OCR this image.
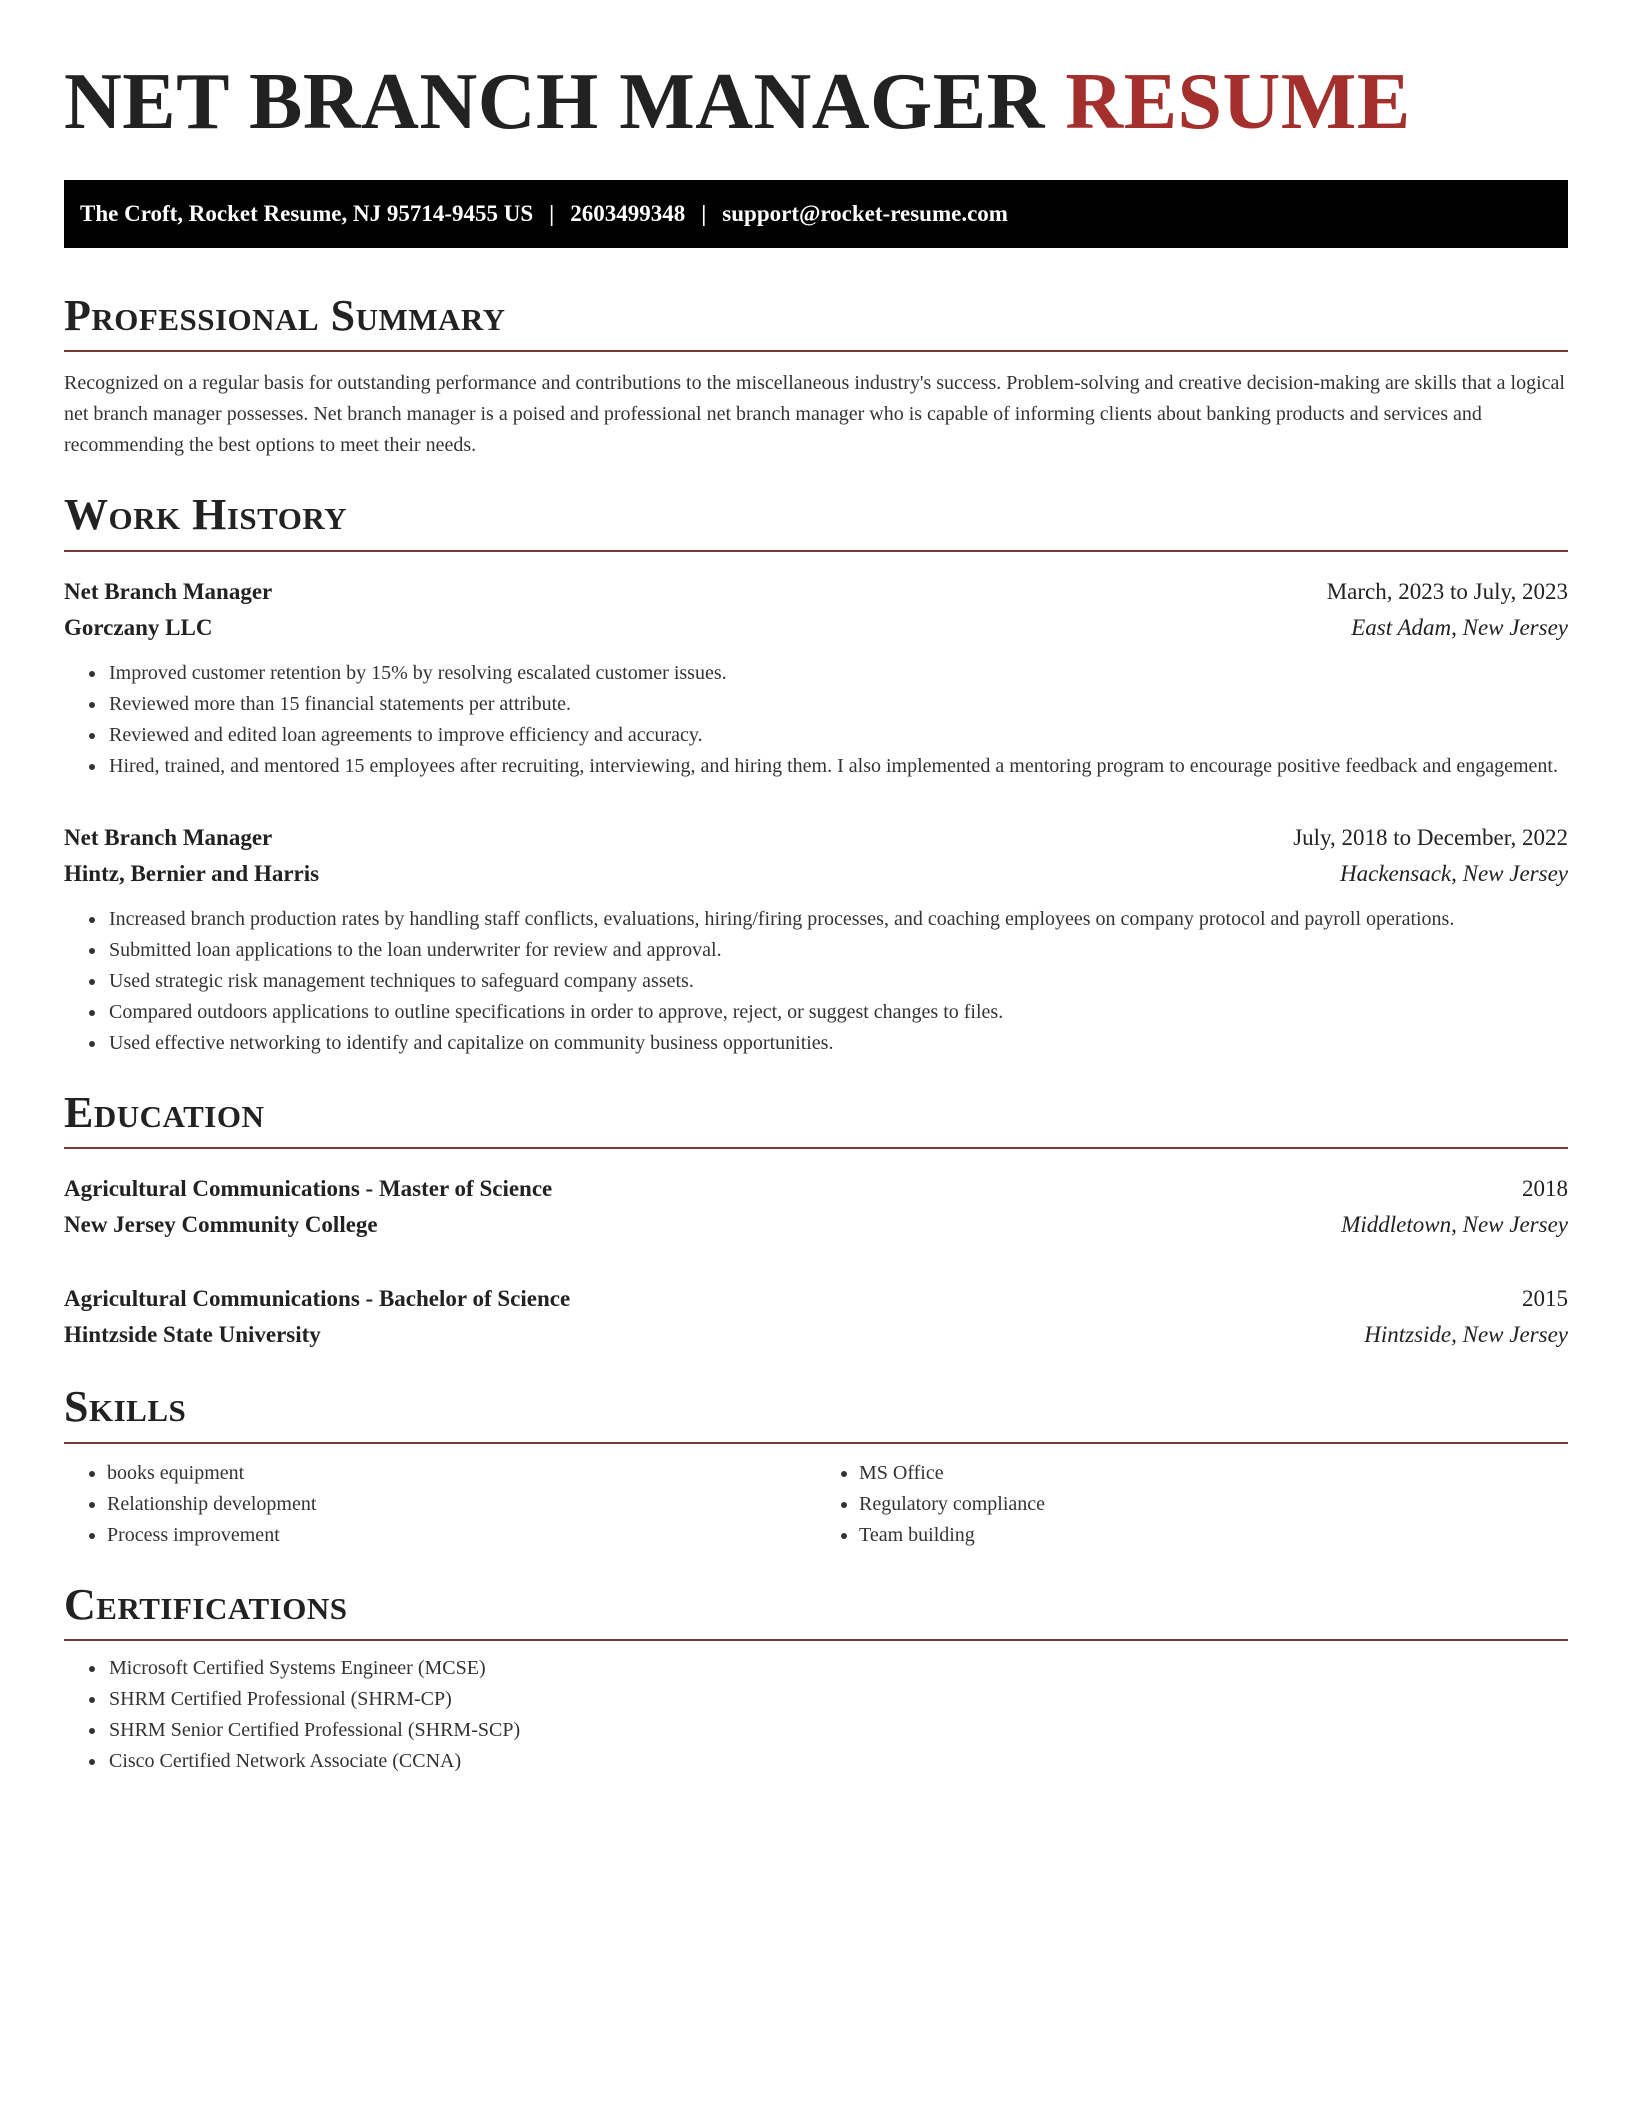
NET BRANCH MANAGER RESUME
The Croft, Rocket Resume, NJ 95714-9455 US | 2603499348 | support@rocket-resume.com
Professional Summary

Recognized on a regular basis for outstanding performance and contributions to the miscellaneous industry's success. Problem-solving and creative decision-making are skills that a logical net branch manager possesses. Net branch manager is a poised and professional net branch manager who is capable of informing clients about banking products and services and recommending the best options to meet their needs.

Work History
Net Branch Manager	March, 2023 to July, 2023
Gorczany LLC	East Adam, New Jersey
• Improved customer retention by 15% by resolving escalated customer issues.
• Reviewed more than 15 financial statements per attribute.
• Reviewed and edited loan agreements to improve efficiency and accuracy.
• Hired, trained, and mentored 15 employees after recruiting, interviewing, and hiring them. I also implemented a mentoring program to encourage positive feedback and engagement.
Net Branch Manager	July, 2018 to December, 2022
Hintz, Bernier and Harris	Hackensack, New Jersey
• Increased branch production rates by handling staff conflicts, evaluations, hiring/firing processes, and coaching employees on company protocol and payroll operations.
• Submitted loan applications to the loan underwriter for review and approval.
• Used strategic risk management techniques to safeguard company assets.
• Compared outdoors applications to outline specifications in order to approve, reject, or suggest changes to files.
• Used effective networking to identify and capitalize on community business opportunities.
Education
Agricultural Communications - Master of Science	2018
New Jersey Community College	Middletown, New Jersey
Agricultural Communications - Bachelor of Science	2015
Hintzside State University	Hintzside, New Jersey
Skills
• books equipment
• Relationship development
• Process improvement
• MS Office
• Regulatory compliance
• Team building
Certifications
• Microsoft Certified Systems Engineer (MCSE)
• SHRM Certified Professional (SHRM-CP)
• SHRM Senior Certified Professional (SHRM-SCP)
• Cisco Certified Network Associate (CCNA)
